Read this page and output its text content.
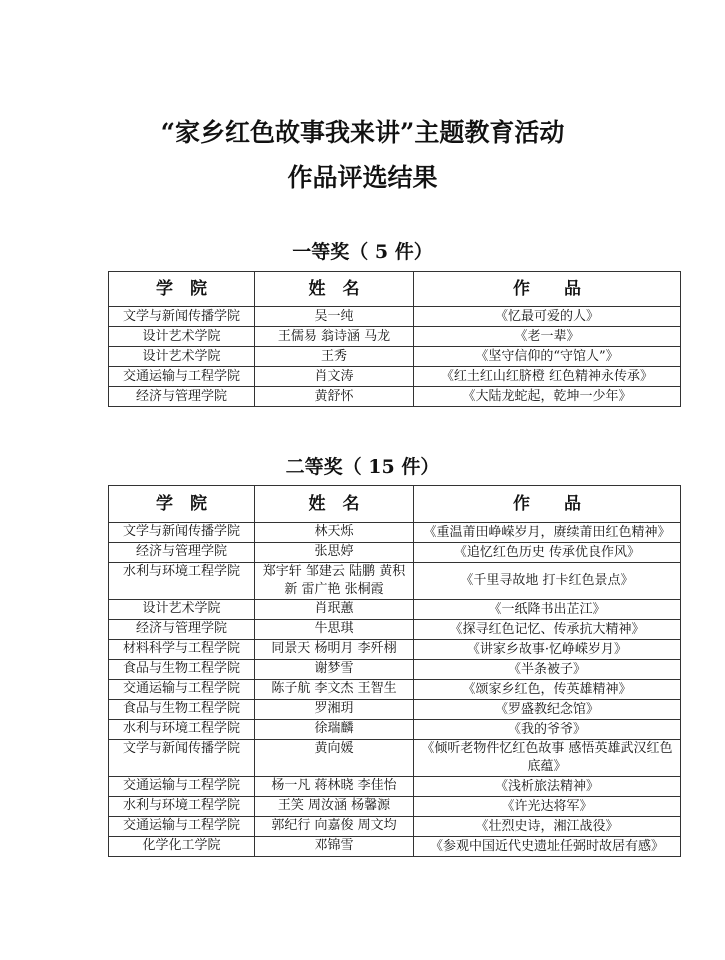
“家乡红色故事我来讲”主题教育活动
作品评选结果
一等奖（ 5 件）
学　院	姓　名	作　　品
文学与新闻传播学院	吴一纯	《忆最可爱的人》
设计艺术学院	王儒易 翁诗涵 马龙	《老一辈》
设计艺术学院	王秀	《坚守信仰的“守馆人”》
交通运输与工程学院	肖文涛	《红土红山红脐橙 红色精神永传承》
经济与管理学院	黄舒怀	《大陆龙蛇起，乾坤一少年》
二等奖（ 15 件）
学　院	姓　名	作　　品
文学与新闻传播学院	林天烁	《重温莆田峥嵘岁月，赓续莆田红色精神》
经济与管理学院	张思婷	《追忆红色历史 传承优良作风》
水利与环境工程学院	郑宇轩 邹建云 陆鹏 黄积新 雷广艳 张桐霞	《千里寻故地 打卡红色景点》
设计艺术学院	肖珉蕙	《一纸降书出芷江》
经济与管理学院	牛思琪	《探寻红色记忆、传承抗大精神》
材料科学与工程学院	同景天 杨明月 李歼栩	《讲家乡故事·忆峥嵘岁月》
食品与生物工程学院	谢梦雪	《半条被子》
交通运输与工程学院	陈子航 李文杰 王智生	《颂家乡红色，传英雄精神》
食品与生物工程学院	罗湘玥	《罗盛教纪念馆》
水利与环境工程学院	徐瑞麟	《我的爷爷》
文学与新闻传播学院	黄向媛	《倾听老物件忆红色故事 感悟英雄武汉红色底蕴》
交通运输与工程学院	杨一凡 蒋林晓 李佳怡	《浅析旅法精神》
水利与环境工程学院	王笑 周汝涵 杨馨源	《许光达将军》
交通运输与工程学院	郭纪行 向嘉俊 周文均	《壮烈史诗，湘江战役》
化学化工学院	邓锦雪	《参观中国近代史遗址任弼时故居有感》
